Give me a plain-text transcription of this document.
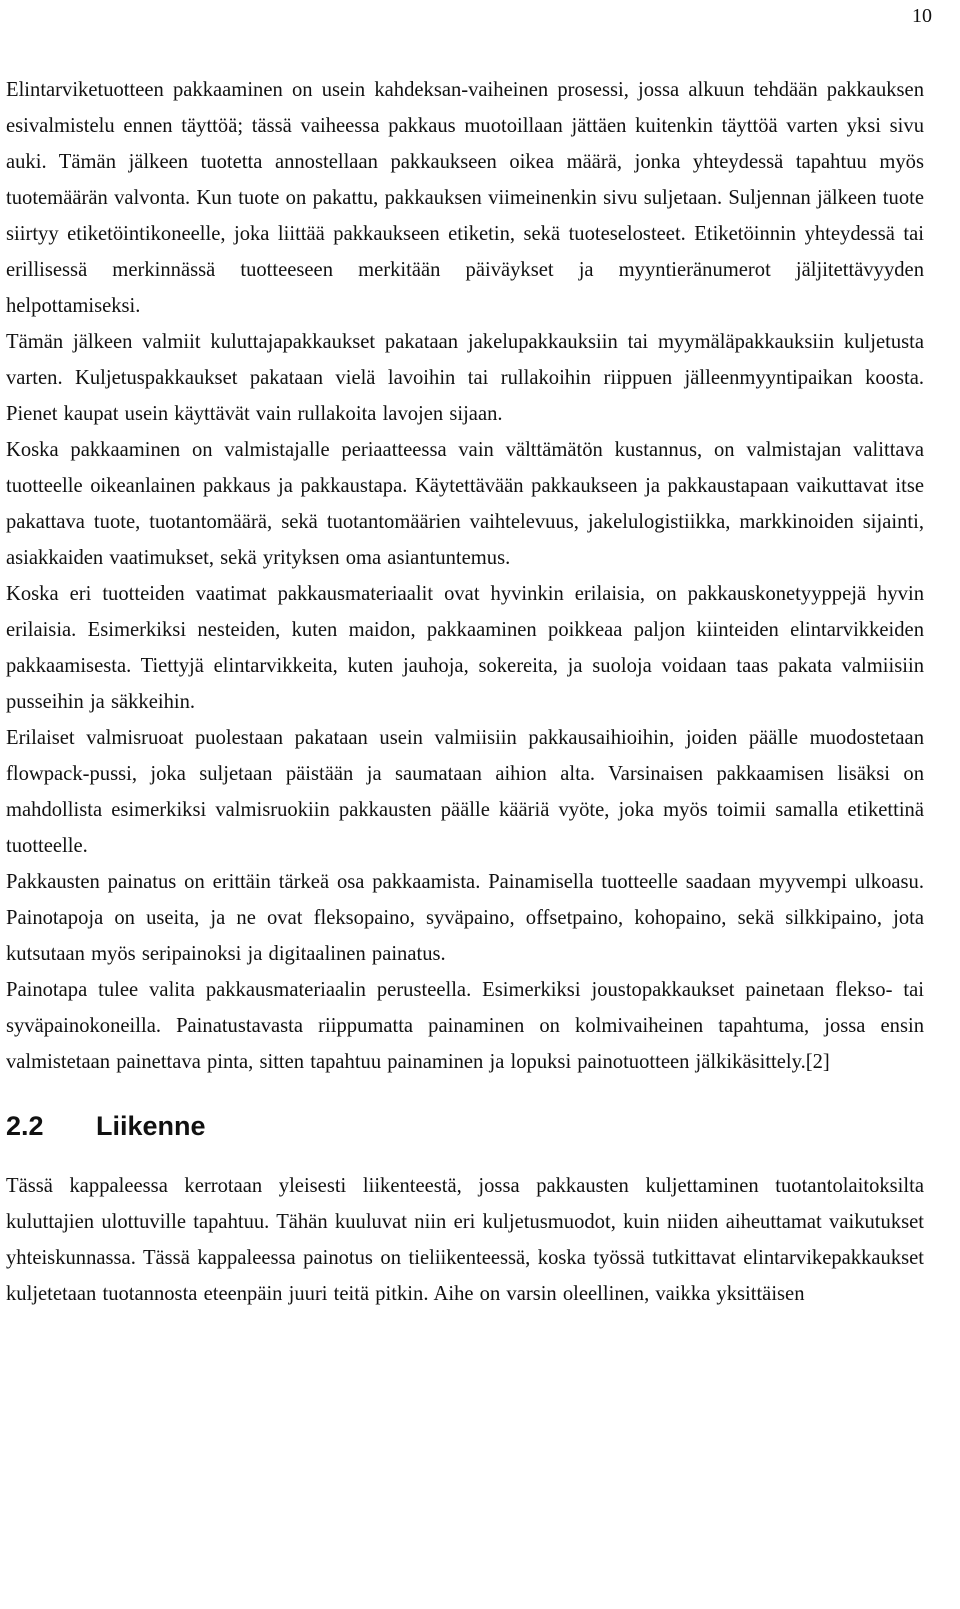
10

Elintarviketuotteen pakkaaminen on usein kahdeksan-vaiheinen prosessi, jossa alkuun tehdään pakkauksen esivalmistelu ennen täyttöä; tässä vaiheessa pakkaus muotoillaan jättäen kuitenkin täyttöä varten yksi sivu auki. Tämän jälkeen tuotetta annostellaan pakkaukseen oikea määrä, jonka yhteydessä tapahtuu myös tuotemäärän valvonta. Kun tuote on pakattu, pakkauksen viimeinenkin sivu suljetaan. Suljennan jälkeen tuote siirtyy etiketöintikoneelle, joka liittää pakkaukseen etiketin, sekä tuoteselosteet. Etiketöinnin yhteydessä tai erillisessä merkinnässä tuotteeseen merkitään päiväykset ja myyntieränumerot jäljitettävyyden helpottamiseksi.

Tämän jälkeen valmiit kuluttajapakkaukset pakataan jakelupakkauksiin tai myymäläpakkauksiin kuljetusta varten. Kuljetuspakkaukset pakataan vielä lavoihin tai rullakoihin riippuen jälleenmyyntipaikan koosta. Pienet kaupat usein käyttävät vain rullakoita lavojen sijaan.

Koska pakkaaminen on valmistajalle periaatteessa vain välttämätön kustannus, on valmistajan valittava tuotteelle oikeanlainen pakkaus ja pakkaustapa. Käytettävään pakkaukseen ja pakkaustapaan vaikuttavat itse pakattava tuote, tuotantomäärä, sekä tuotantomäärien vaihtelevuus, jakelulogistiikka, markkinoiden sijainti, asiakkaiden vaatimukset, sekä yrityksen oma asiantuntemus.

Koska eri tuotteiden vaatimat pakkausmateriaalit ovat hyvinkin erilaisia, on pakkauskonetyyppejä hyvin erilaisia. Esimerkiksi nesteiden, kuten maidon, pakkaaminen poikkeaa paljon kiinteiden elintarvikkeiden pakkaamisesta. Tiettyjä elintarvikkeita, kuten jauhoja, sokereita, ja suoloja voidaan taas pakata valmiisiin pusseihin ja säkkeihin.

Erilaiset valmisruoat puolestaan pakataan usein valmiisiin pakkausaihioihin, joiden päälle muodostetaan flowpack-pussi, joka suljetaan päistään ja saumataan aihion alta. Varsinaisen pakkaamisen lisäksi on mahdollista esimerkiksi valmisruokiin pakkausten päälle kääriä vyöte, joka myös toimii samalla etikettinä tuotteelle.

Pakkausten painatus on erittäin tärkeä osa pakkaamista. Painamisella tuotteelle saadaan myyvempi ulkoasu. Painotapoja on useita, ja ne ovat fleksopaino, syväpaino, offsetpaino, kohopaino, sekä silkkipaino, jota kutsutaan myös seripainoksi ja digitaalinen painatus.

Painotapa tulee valita pakkausmateriaalin perusteella. Esimerkiksi joustopakkaukset painetaan flekso- tai syväpainokoneilla. Painatustavasta riippumatta painaminen on kolmivaiheinen tapahtuma, jossa ensin valmistetaan painettava pinta, sitten tapahtuu painaminen ja lopuksi painotuotteen jälkikäsittely.[2]

2.2	Liikenne

Tässä kappaleessa kerrotaan yleisesti liikenteestä, jossa pakkausten kuljettaminen tuotantolaitoksilta kuluttajien ulottuville tapahtuu. Tähän kuuluvat niin eri kuljetusmuodot, kuin niiden aiheuttamat vaikutukset yhteiskunnassa. Tässä kappaleessa painotus on tieliikenteessä, koska työssä tutkittavat elintarvikepakkaukset kuljetetaan tuotannosta eteenpäin juuri teitä pitkin. Aihe on varsin oleellinen, vaikka yksittäisen
